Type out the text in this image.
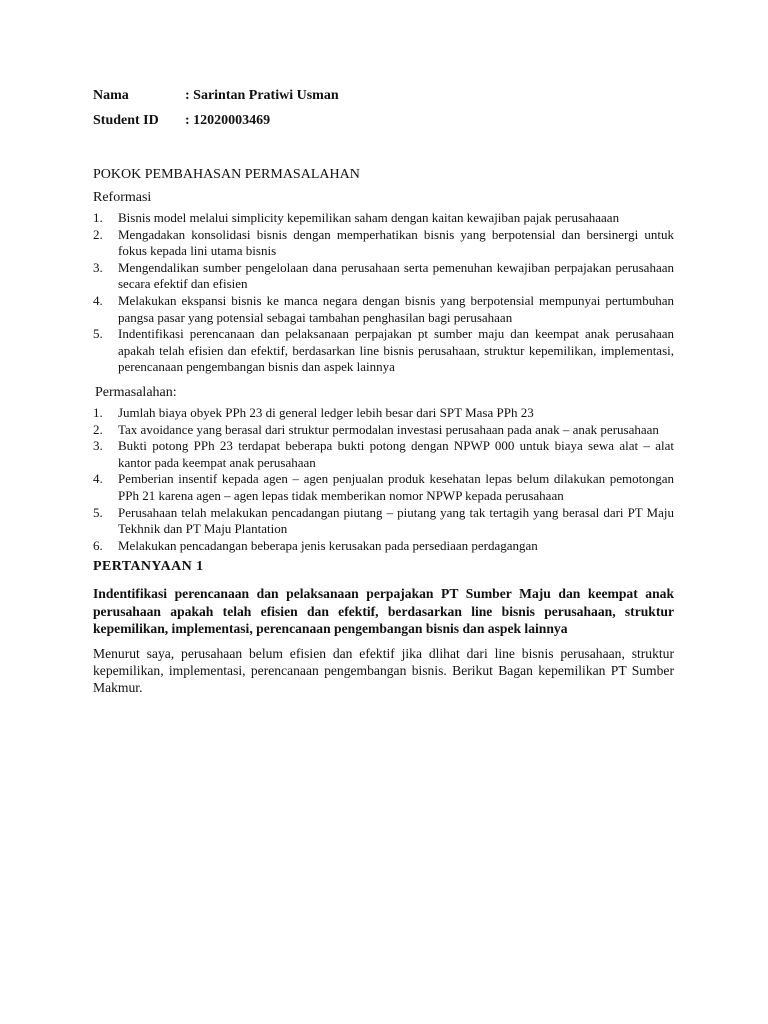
Nama	: Sarintan Pratiwi Usman
Student ID	: 12020003469
POKOK PEMBAHASAN PERMASALAHAN
Reformasi
1.	Bisnis model melalui simplicity kepemilikan saham dengan kaitan kewajiban pajak perusahaaan
2.	Mengadakan konsolidasi bisnis dengan memperhatikan bisnis yang berpotensial dan bersinergi untuk fokus kepada lini utama bisnis
3.	Mengendalikan sumber pengelolaan dana perusahaan serta pemenuhan kewajiban perpajakan perusahaan secara efektif dan efisien
4.	Melakukan ekspansi bisnis ke manca negara dengan bisnis yang berpotensial mempunyai pertumbuhan pangsa pasar yang potensial sebagai tambahan penghasilan bagi perusahaan
5.	Indentifikasi perencanaan dan pelaksanaan perpajakan pt sumber maju dan keempat anak perusahaan apakah telah efisien dan efektif, berdasarkan line bisnis perusahaan, struktur kepemilikan, implementasi, perencanaan pengembangan bisnis dan aspek lainnya
Permasalahan:
1.	Jumlah biaya obyek PPh 23 di general ledger lebih besar dari SPT Masa PPh 23
2.	Tax avoidance yang berasal dari struktur permodalan investasi perusahaan pada anak – anak perusahaan
3.	Bukti potong PPh 23 terdapat beberapa bukti potong dengan NPWP 000 untuk biaya sewa alat – alat kantor pada keempat anak perusahaan
4.	Pemberian insentif kepada agen – agen penjualan produk kesehatan lepas belum dilakukan pemotongan PPh 21 karena agen – agen lepas tidak memberikan nomor NPWP kepada perusahaan
5.	Perusahaan telah melakukan pencadangan piutang – piutang yang tak tertagih yang berasal dari PT Maju Tekhnik dan PT Maju Plantation
6.	Melakukan pencadangan beberapa jenis kerusakan pada persediaan perdagangan
PERTANYAAN 1
Indentifikasi perencanaan dan pelaksanaan perpajakan PT Sumber Maju dan keempat anak perusahaan apakah telah efisien dan efektif, berdasarkan line bisnis perusahaan, struktur kepemilikan, implementasi, perencanaan pengembangan bisnis dan aspek lainnya
Menurut saya, perusahaan belum efisien dan efektif jika dlihat dari line bisnis perusahaan, struktur kepemilikan, implementasi, perencanaan pengembangan bisnis. Berikut Bagan kepemilikan PT Sumber Makmur.
